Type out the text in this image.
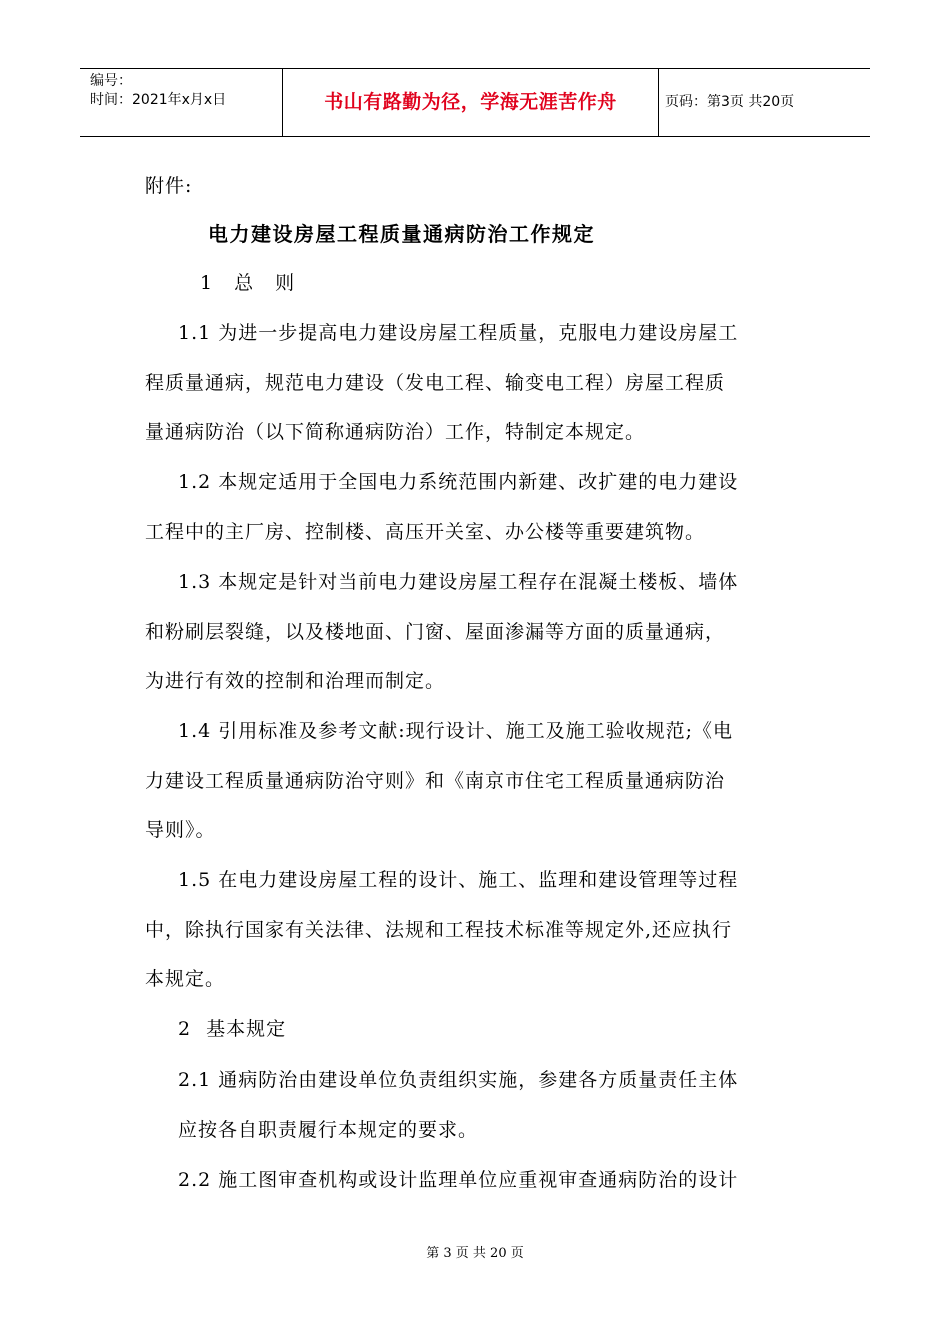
编号：
时间：2021年x月x日	书山有路勤为径，学海无涯苦作舟	页码：第3页 共20页
附件:
电力建设房屋工程质量通病防治工作规定
1 总 则
1.1 为进一步提高电力建设房屋工程质量，克服电力建设房屋工
程质量通病，规范电力建设（发电工程、输变电工程）房屋工程质
量通病防治（以下简称通病防治）工作，特制定本规定。
1.2 本规定适用于全国电力系统范围内新建、改扩建的电力建设
工程中的主厂房、控制楼、高压开关室、办公楼等重要建筑物。
1.3 本规定是针对当前电力建设房屋工程存在混凝土楼板、墙体
和粉刷层裂缝，以及楼地面、门窗、屋面渗漏等方面的质量通病，
为进行有效的控制和治理而制定。
1.4 引用标准及参考文献:现行设计、施工及施工验收规范;《电
力建设工程质量通病防治守则》和《南京市住宅工程质量通病防治
导则》。
1.5 在电力建设房屋工程的设计、施工、监理和建设管理等过程
中，除执行国家有关法律、法规和工程技术标准等规定外,还应执行
本规定。
2 基本规定
2.1 通病防治由建设单位负责组织实施，参建各方质量责任主体
应按各自职责履行本规定的要求。
2.2 施工图审查机构或设计监理单位应重视审查通病防治的设计
第 3 页 共 20 页
